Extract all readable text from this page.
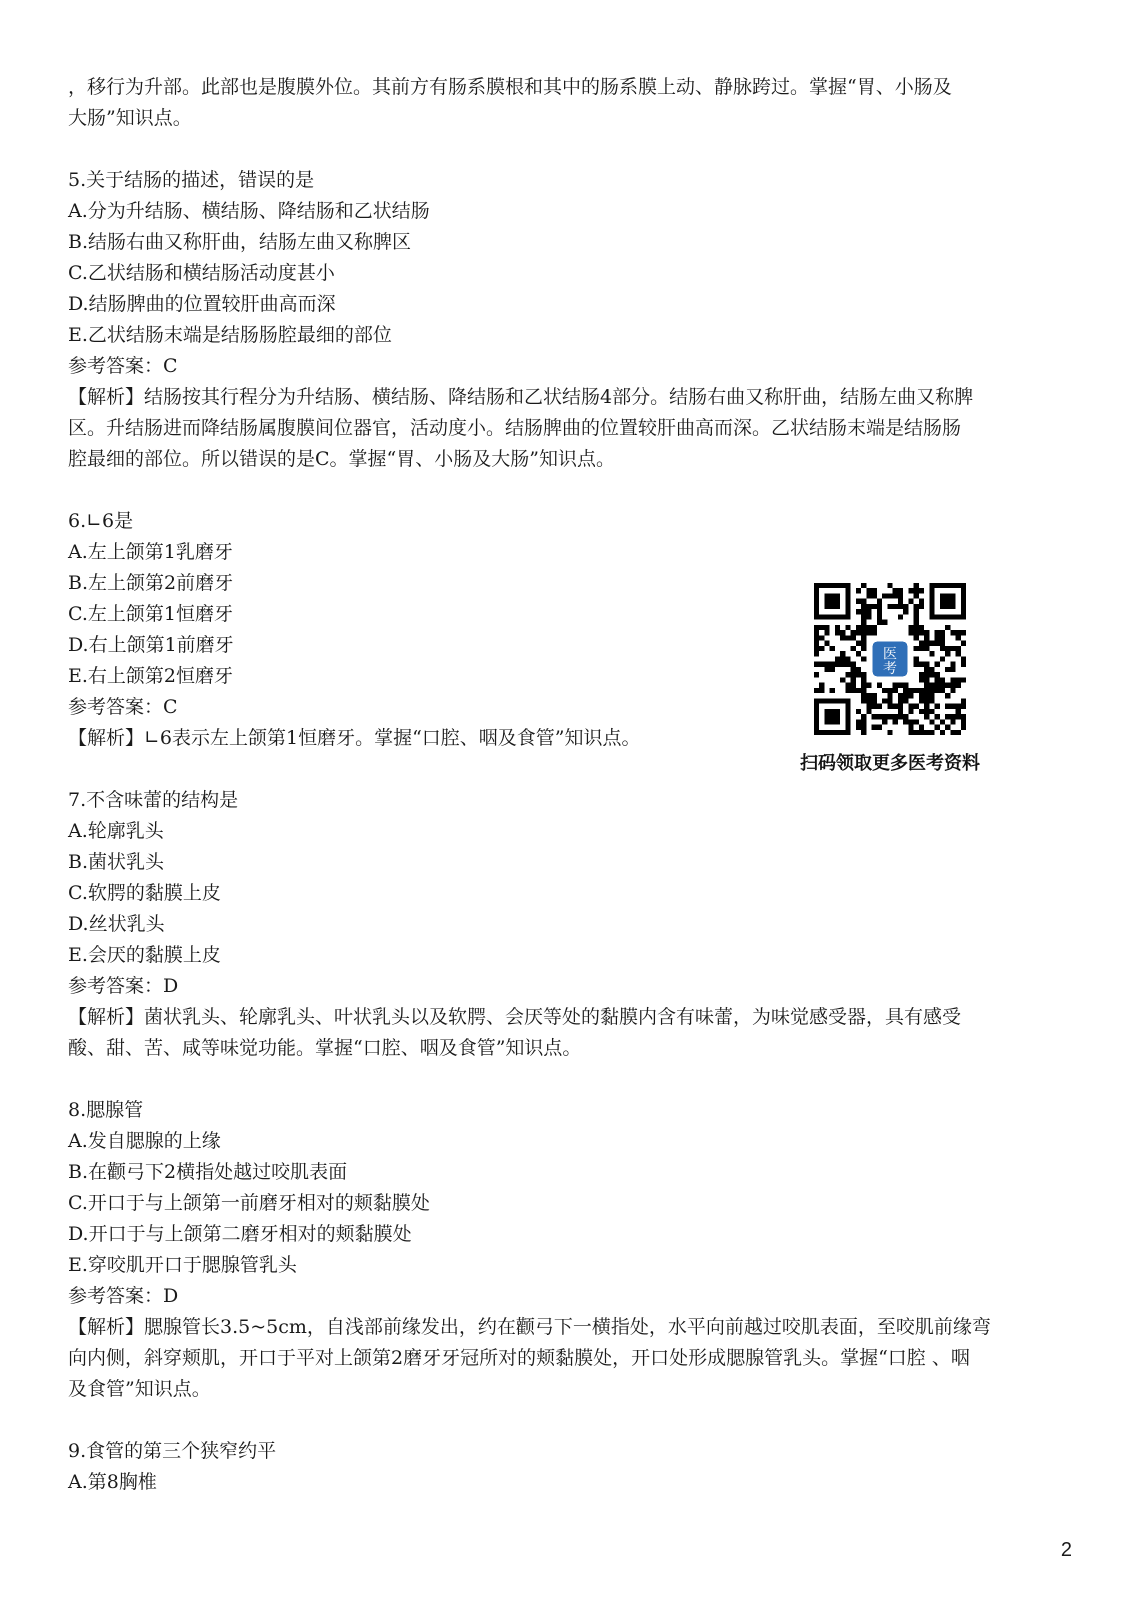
，移行为升部。此部也是腹膜外位。其前方有肠系膜根和其中的肠系膜上动、静脉跨过。掌握“胃、小肠及
大肠”知识点。
5.关于结肠的描述，错误的是
A.分为升结肠、横结肠、降结肠和乙状结肠
B.结肠右曲又称肝曲，结肠左曲又称脾区
C.乙状结肠和横结肠活动度甚小
D.结肠脾曲的位置较肝曲高而深
E.乙状结肠末端是结肠肠腔最细的部位
参考答案：C
【解析】结肠按其行程分为升结肠、横结肠、降结肠和乙状结肠4部分。结肠右曲又称肝曲，结肠左曲又称脾
区。升结肠进而降结肠属腹膜间位器官，活动度小。结肠脾曲的位置较肝曲高而深。乙状结肠末端是结肠肠
腔最细的部位。所以错误的是C。掌握“胃、小肠及大肠”知识点。
6.∟6是
A.左上颌第1乳磨牙
B.左上颌第2前磨牙
C.左上颌第1恒磨牙
D.右上颌第1前磨牙
E.右上颌第2恒磨牙
参考答案：C
【解析】∟6表示左上颌第1恒磨牙。掌握“口腔、咽及食管”知识点。
7.不含味蕾的结构是
A.轮廓乳头
B.菌状乳头
C.软腭的黏膜上皮
D.丝状乳头
E.会厌的黏膜上皮
参考答案：D
【解析】菌状乳头、轮廓乳头、叶状乳头以及软腭、会厌等处的黏膜内含有味蕾，为味觉感受器，具有感受
酸、甜、苦、咸等味觉功能。掌握“口腔、咽及食管”知识点。
8.腮腺管
A.发自腮腺的上缘
B.在颧弓下2横指处越过咬肌表面
C.开口于与上颌第一前磨牙相对的颊黏膜处
D.开口于与上颌第二磨牙相对的颊黏膜处
E.穿咬肌开口于腮腺管乳头
参考答案：D
【解析】腮腺管长3.5~5cm，自浅部前缘发出，约在颧弓下一横指处，水平向前越过咬肌表面，至咬肌前缘弯
向内侧，斜穿颊肌，开口于平对上颌第2磨牙牙冠所对的颊黏膜处，开口处形成腮腺管乳头。掌握“口腔 、咽
及食管”知识点。
9.食管的第三个狭窄约平
A.第8胸椎
医
考
扫码领取更多医考资料
2
